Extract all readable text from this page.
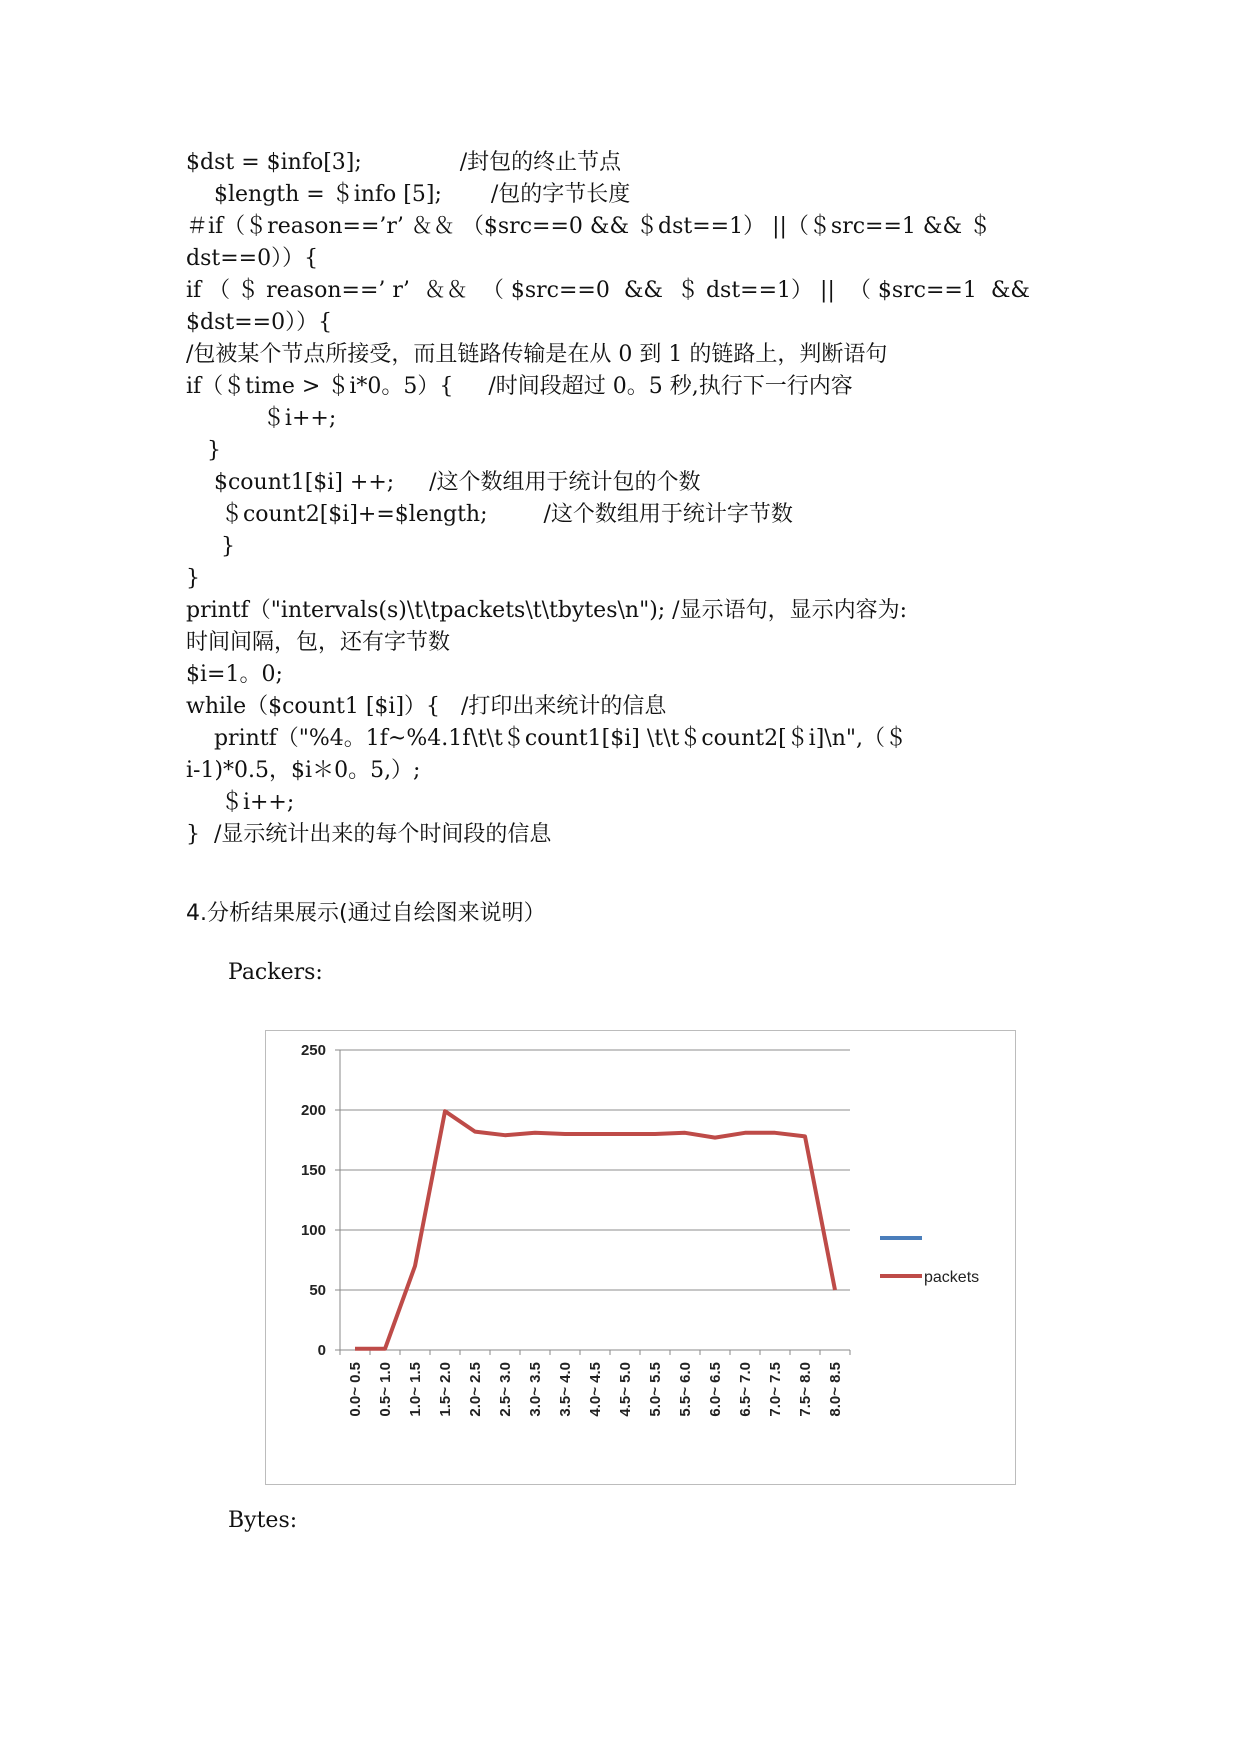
$dst = $info[3];              /封包的终止节点
$length = ＄info [5];       /包的字节长度
＃if（＄reason==’r’ ＆＆ （$src==0 && ＄dst==1） ||（＄src==1 && ＄
dst==0））{
if （ ＄ reason==’ r’  ＆＆  （ $src==0  &&  ＄ dst==1） ||  （ $src==1  &&
$dst==0））{
/包被某个节点所接受，而且链路传输是在从 0 到 1 的链路上，判断语句
if（＄time > ＄i*0。5）{     /时间段超过 0。5 秒,执行下一行内容
＄i++;
}
$count1[$i] ++;     /这个数组用于统计包的个数
＄count2[$i]+=$length;        /这个数组用于统计字节数
}
}
printf（"intervals(s)\t\tpackets\t\tbytes\n"); /显示语句，显示内容为:
时间间隔，包，还有字节数
$i=1。0;
while（$count1 [$i]）{   /打印出来统计的信息
printf（"%4。1f~%4.1f\t\t＄count1[$i] \t\t＄count2[＄i]\n",（＄
i-1)*0.5，$i＊0。5,）;
＄i++;
}  /显示统计出来的每个时间段的信息
4.分析结果展示(通过自绘图来说明）
Packers:
250
200
150
100
50
0
0.0~ 0.5 0.5~ 1.0 1.0~ 1.5 1.5~ 2.0 2.0~ 2.5 2.5~ 3.0 3.0~ 3.5 3.5~ 4.0 4.0~ 4.5 4.5~ 5.0 5.0~ 5.5 5.5~ 6.0 6.0~ 6.5 6.5~ 7.0 7.0~ 7.5 7.5~ 8.0 8.0~ 8.5
packets
Bytes:
